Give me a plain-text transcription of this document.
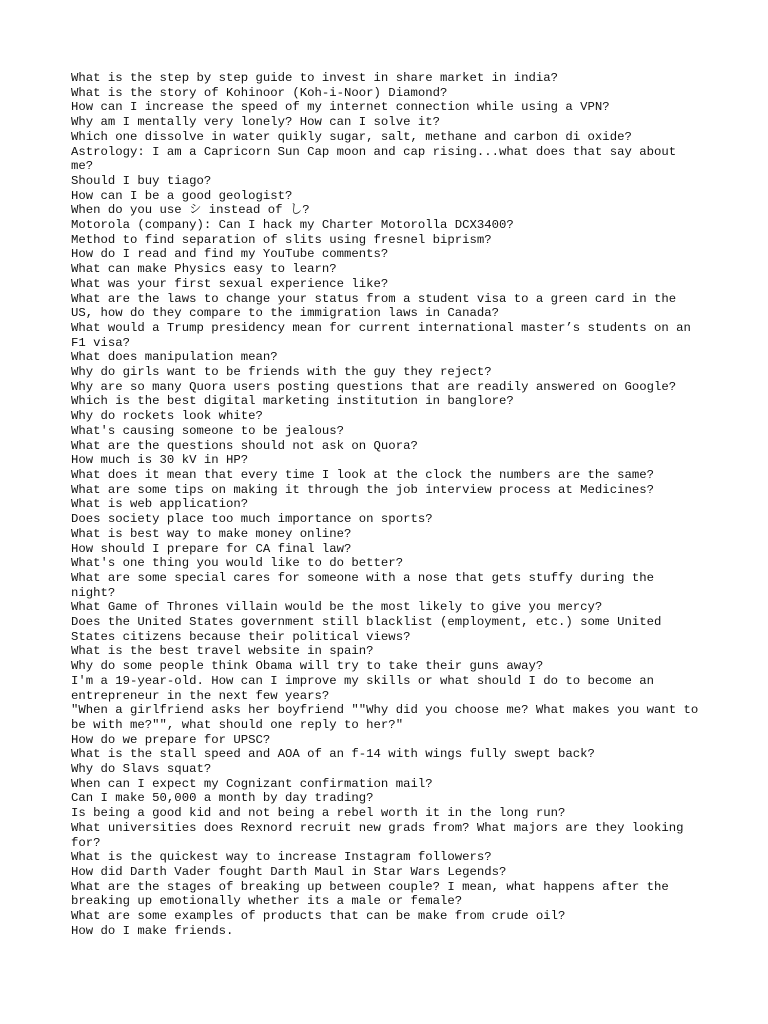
What is the step by step guide to invest in share market in india?
What is the story of Kohinoor (Koh-i-Noor) Diamond?
How can I increase the speed of my internet connection while using a VPN?
Why am I mentally very lonely? How can I solve it?
Which one dissolve in water quikly sugar, salt, methane and carbon di oxide?
Astrology: I am a Capricorn Sun Cap moon and cap rising...what does that say about me?
Should I buy tiago?
How can I be a good geologist?
When do you use シ instead of し?
Motorola (company): Can I hack my Charter Motorolla DCX3400?
Method to find separation of slits using fresnel biprism?
How do I read and find my YouTube comments?
What can make Physics easy to learn?
What was your first sexual experience like?
What are the laws to change your status from a student visa to a green card in the US, how do they compare to the immigration laws in Canada?
What would a Trump presidency mean for current international master’s students on an F1 visa?
What does manipulation mean?
Why do girls want to be friends with the guy they reject?
Why are so many Quora users posting questions that are readily answered on Google?
Which is the best digital marketing institution in banglore?
Why do rockets look white?
What's causing someone to be jealous?
What are the questions should not ask on Quora?
How much is 30 kV in HP?
What does it mean that every time I look at the clock the numbers are the same?
What are some tips on making it through the job interview process at Medicines?
What is web application?
Does society place too much importance on sports?
What is best way to make money online?
How should I prepare for CA final law?
What's one thing you would like to do better?
What are some special cares for someone with a nose that gets stuffy during the night?
What Game of Thrones villain would be the most likely to give you mercy?
Does the United States government still blacklist (employment, etc.) some United States citizens because their political views?
What is the best travel website in spain?
Why do some people think Obama will try to take their guns away?
I'm a 19-year-old. How can I improve my skills or what should I do to become an entrepreneur in the next few years?
"When a girlfriend asks her boyfriend ""Why did you choose me? What makes you want to be with me?"", what should one reply to her?"
How do we prepare for UPSC?
What is the stall speed and AOA of an f-14 with wings fully swept back?
Why do Slavs squat?
When can I expect my Cognizant confirmation mail?
Can I make 50,000 a month by day trading?
Is being a good kid and not being a rebel worth it in the long run?
What universities does Rexnord recruit new grads from? What majors are they looking for?
What is the quickest way to increase Instagram followers?
How did Darth Vader fought Darth Maul in Star Wars Legends?
What are the stages of breaking up between couple? I mean, what happens after the breaking up emotionally whether its a male or female?
What are some examples of products that can be make from crude oil?
How do I make friends.
